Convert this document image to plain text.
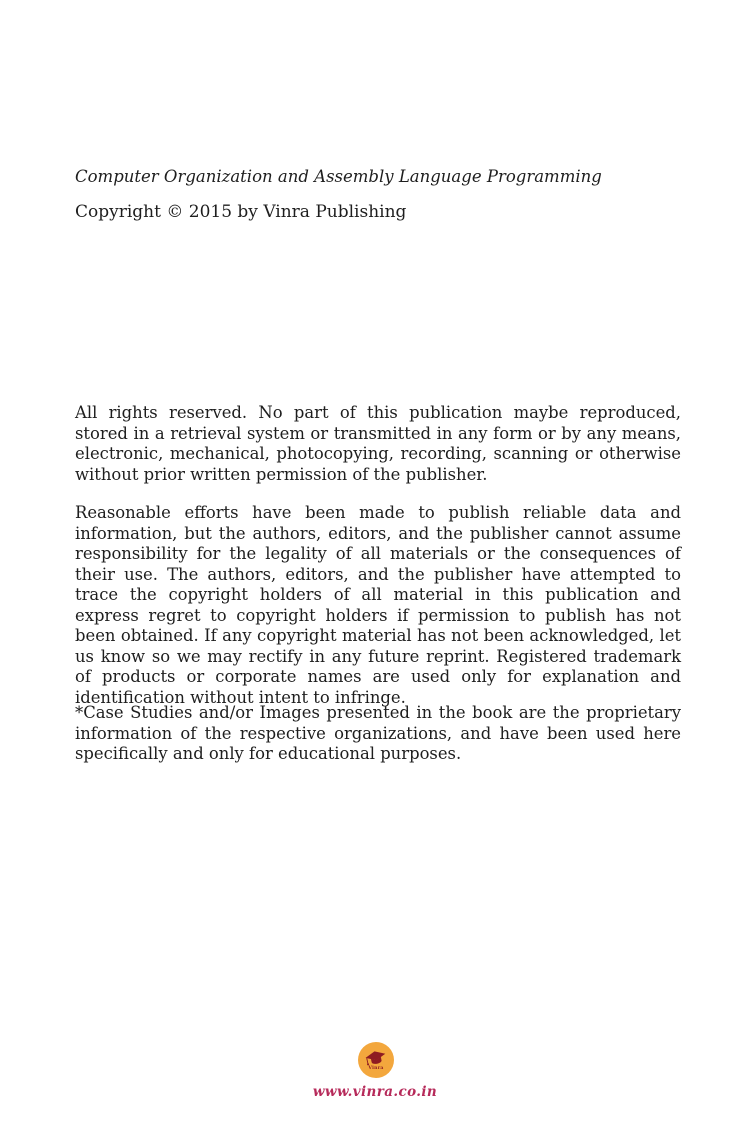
Computer Organization and Assembly Language Programming
Copyright © 2015 by Vinra Publishing
All rights reserved. No part of this publication maybe reproduced, stored in a retrieval system or transmitted in any form or by any means, electronic, mechanical, photocopying, recording, scanning or otherwise without prior written permission of the publisher.
Reasonable efforts have been made to publish reliable data and information, but the authors, editors, and the publisher cannot assume responsibility for the legality of all materials or the consequences of their use. The authors, editors, and the publisher have attempted to trace the copyright holders of all material in this publication and express regret to copyright holders if permission to publish has not been obtained. If any copyright material has not been acknowledged, let us know so we may rectify in any future reprint. Registered trademark of products or corporate names are used only for explanation and identification without intent to infringe.
*Case Studies and/or Images presented in the book are the proprietary information of the respective organizations, and have been used here specifically and only for educational purposes.
Vinra
www.vinra.co.in
